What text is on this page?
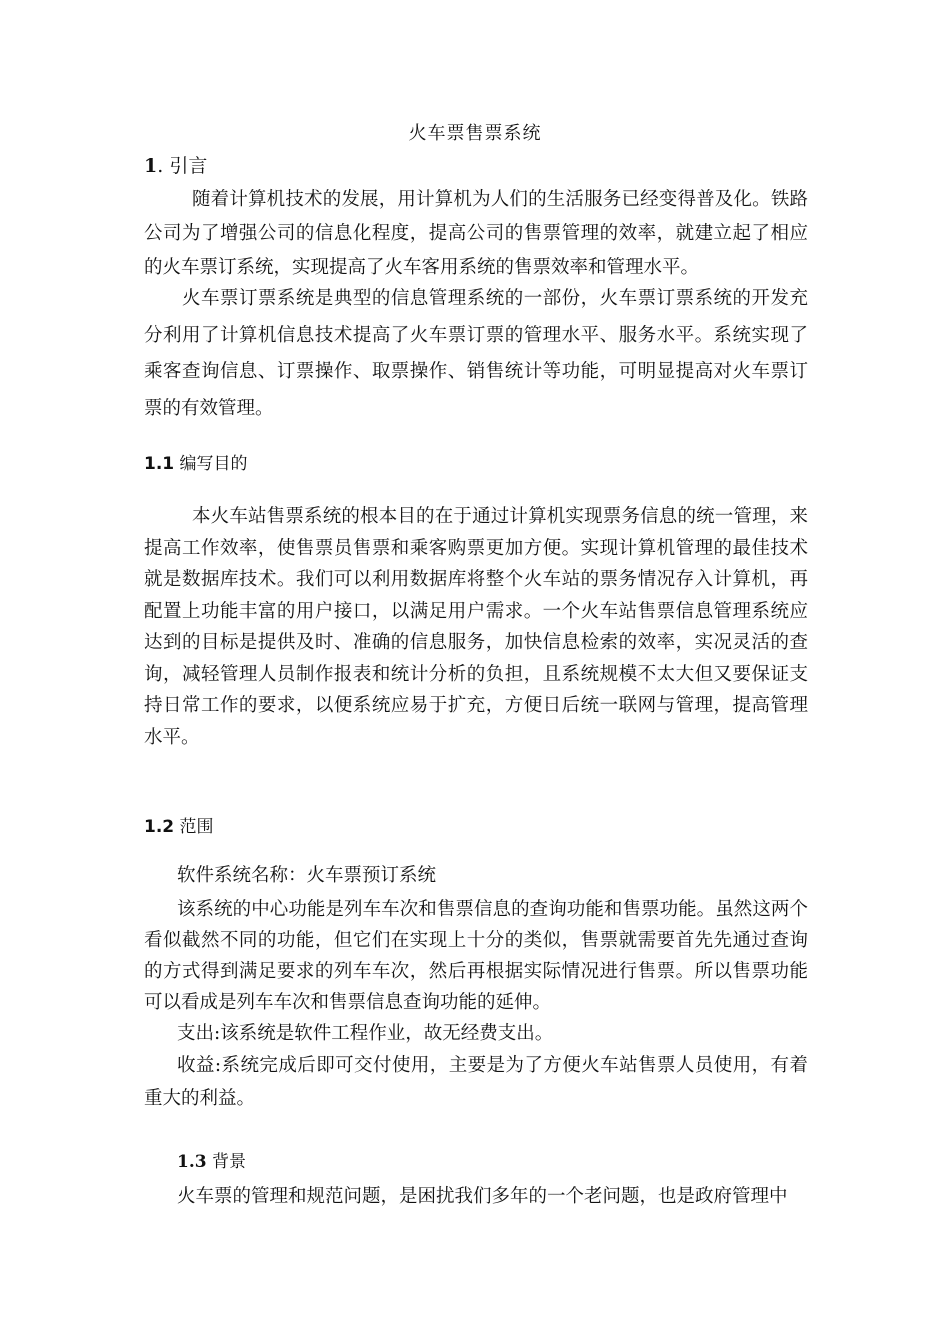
火车票售票系统
1. 引言
随着计算机技术的发展，用计算机为人们的生活服务已经变得普及化。铁路公司为了增强公司的信息化程度，提高公司的售票管理的效率，就建立起了相应的火车票订系统，实现提高了火车客用系统的售票效率和管理水平。
火车票订票系统是典型的信息管理系统的一部份，火车票订票系统的开发充分利用了计算机信息技术提高了火车票订票的管理水平、服务水平。系统实现了乘客查询信息、订票操作、取票操作、销售统计等功能，可明显提高对火车票订票的有效管理。
1.1 编写目的
本火车站售票系统的根本目的在于通过计算机实现票务信息的统一管理，来提高工作效率，使售票员售票和乘客购票更加方便。实现计算机管理的最佳技术就是数据库技术。我们可以利用数据库将整个火车站的票务情况存入计算机，再配置上功能丰富的用户接口，以满足用户需求。一个火车站售票信息管理系统应达到的目标是提供及时、准确的信息服务，加快信息检索的效率，实况灵活的查询，减轻管理人员制作报表和统计分析的负担，且系统规模不太大但又要保证支持日常工作的要求，以便系统应易于扩充，方便日后统一联网与管理，提高管理水平。
1.2 范围
软件系统名称：火车票预订系统
该系统的中心功能是列车车次和售票信息的查询功能和售票功能。虽然这两个看似截然不同的功能，但它们在实现上十分的类似，售票就需要首先先通过查询的方式得到满足要求的列车车次，然后再根据实际情况进行售票。所以售票功能可以看成是列车车次和售票信息查询功能的延伸。
支出:该系统是软件工程作业，故无经费支出。
收益:系统完成后即可交付使用，主要是为了方便火车站售票人员使用，有着重大的利益。
1.3 背景
火车票的管理和规范问题，是困扰我们多年的一个老问题，也是政府管理中
